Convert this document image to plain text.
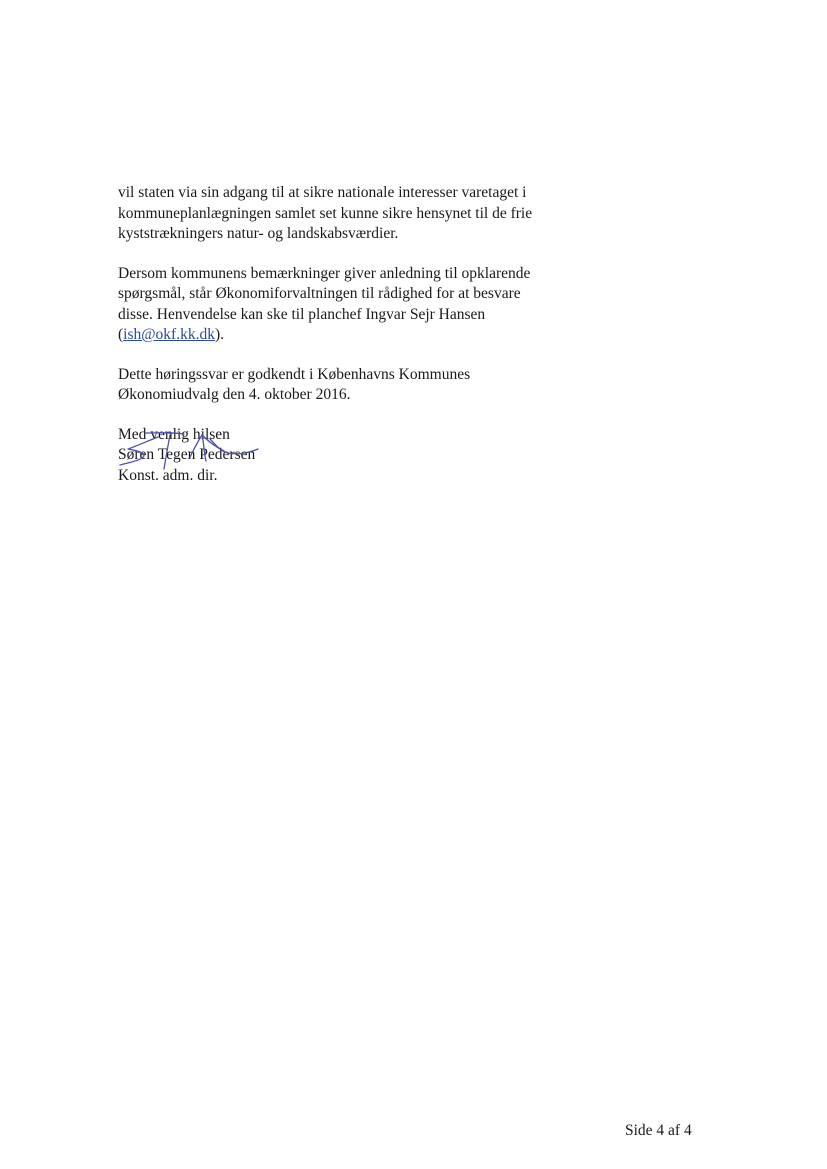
vil staten via sin adgang til at sikre nationale interesser varetaget i
kommuneplanlægningen samlet set kunne sikre hensynet til de frie
kyststrækningers natur- og landskabsværdier.

Dersom kommunens bemærkninger giver anledning til opklarende
spørgsmål, står Økonomiforvaltningen til rådighed for at besvare
disse. Henvendelse kan ske til planchef Ingvar Sejr Hansen
(ish@okf.kk.dk).

Dette høringssvar er godkendt i Københavns Kommunes
Økonomiudvalg den 4. oktober 2016.

Med venlig hilsen
Søren Tegen Pedersen
Konst. adm. dir.
Side 4 af 4
